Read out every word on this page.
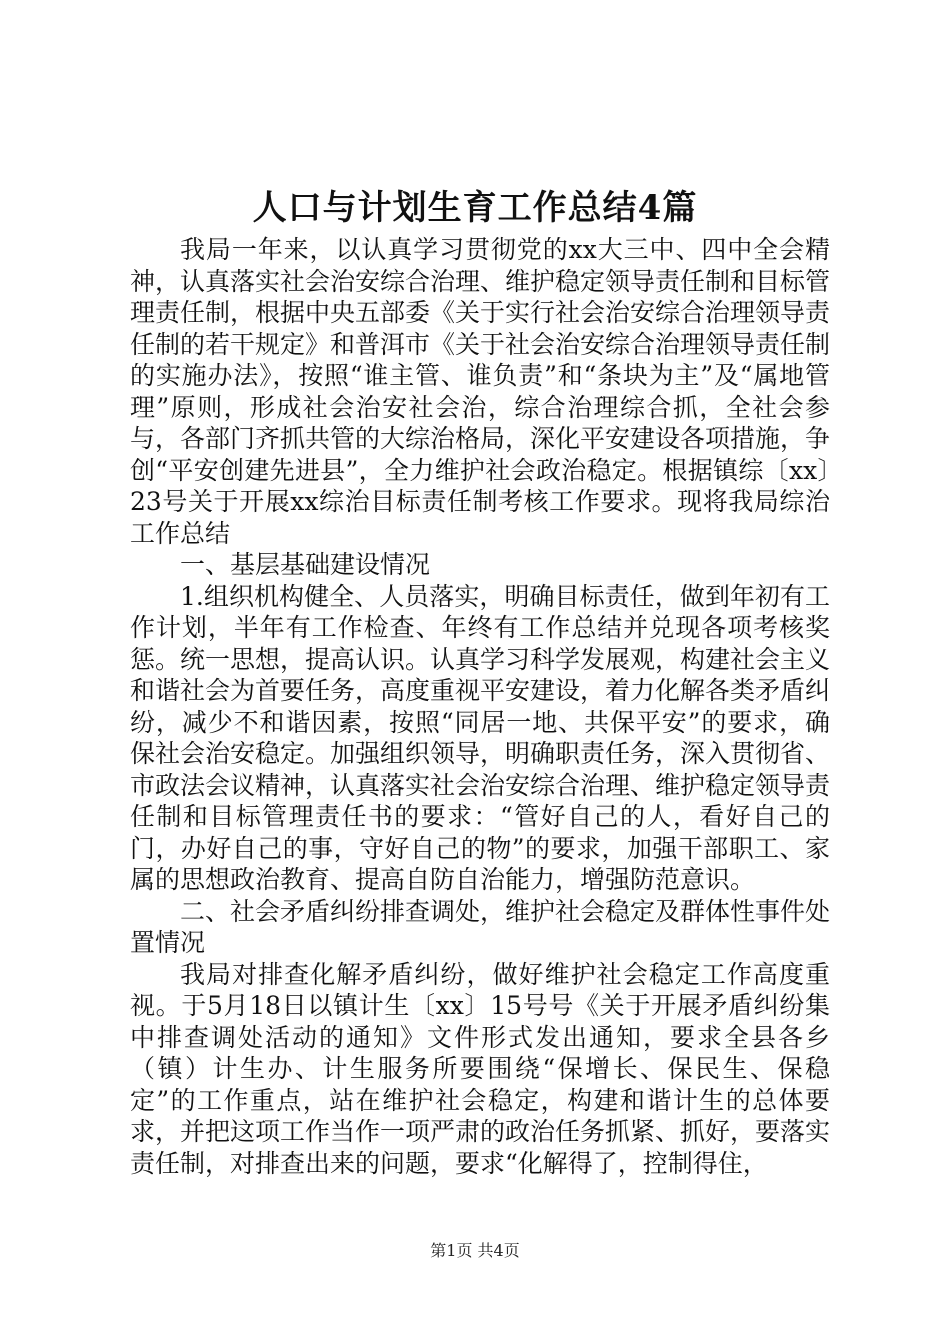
人口与计划生育工作总结4篇

我局一年来，以认真学习贯彻党的xx大三中、四中全会精神，认真落实社会治安综合治理、维护稳定领导责任制和目标管理责任制，根据中央五部委《关于实行社会治安综合治理领导责任制的若干规定》和普洱市《关于社会治安综合治理领导责任制的实施办法》，按照“谁主管、谁负责”和“条块为主”及“属地管理”原则，形成社会治安社会治，综合治理综合抓，全社会参与，各部门齐抓共管的大综治格局，深化平安建设各项措施，争创“平安创建先进县”，全力维护社会政治稳定。根据镇综〔xx〕23号关于开展xx综治目标责任制考核工作要求。现将我局综治工作总结

一、基层基础建设情况

1.组织机构健全、人员落实，明确目标责任，做到年初有工作计划，半年有工作检查、年终有工作总结并兑现各项考核奖惩。统一思想，提高认识。认真学习科学发展观，构建社会主义和谐社会为首要任务，高度重视平安建设，着力化解各类矛盾纠纷，减少不和谐因素，按照“同居一地、共保平安”的要求，确保社会治安稳定。加强组织领导，明确职责任务，深入贯彻省、市政法会议精神，认真落实社会治安综合治理、维护稳定领导责任制和目标管理责任书的要求：“管好自己的人，看好自己的门，办好自己的事，守好自己的物”的要求，加强干部职工、家属的思想政治教育、提高自防自治能力，增强防范意识。

二、社会矛盾纠纷排查调处，维护社会稳定及群体性事件处置情况

我局对排查化解矛盾纠纷，做好维护社会稳定工作高度重视。于5月18日以镇计生〔xx〕15号号《关于开展矛盾纠纷集中排查调处活动的通知》文件形式发出通知，要求全县各乡（镇）计生办、计生服务所要围绕“保增长、保民生、保稳定”的工作重点，站在维护社会稳定，构建和谐计生的总体要求，并把这项工作当作一项严肃的政治任务抓紧、抓好，要落实责任制，对排查出来的问题，要求“化解得了，控制得住，

第1页 共4页
